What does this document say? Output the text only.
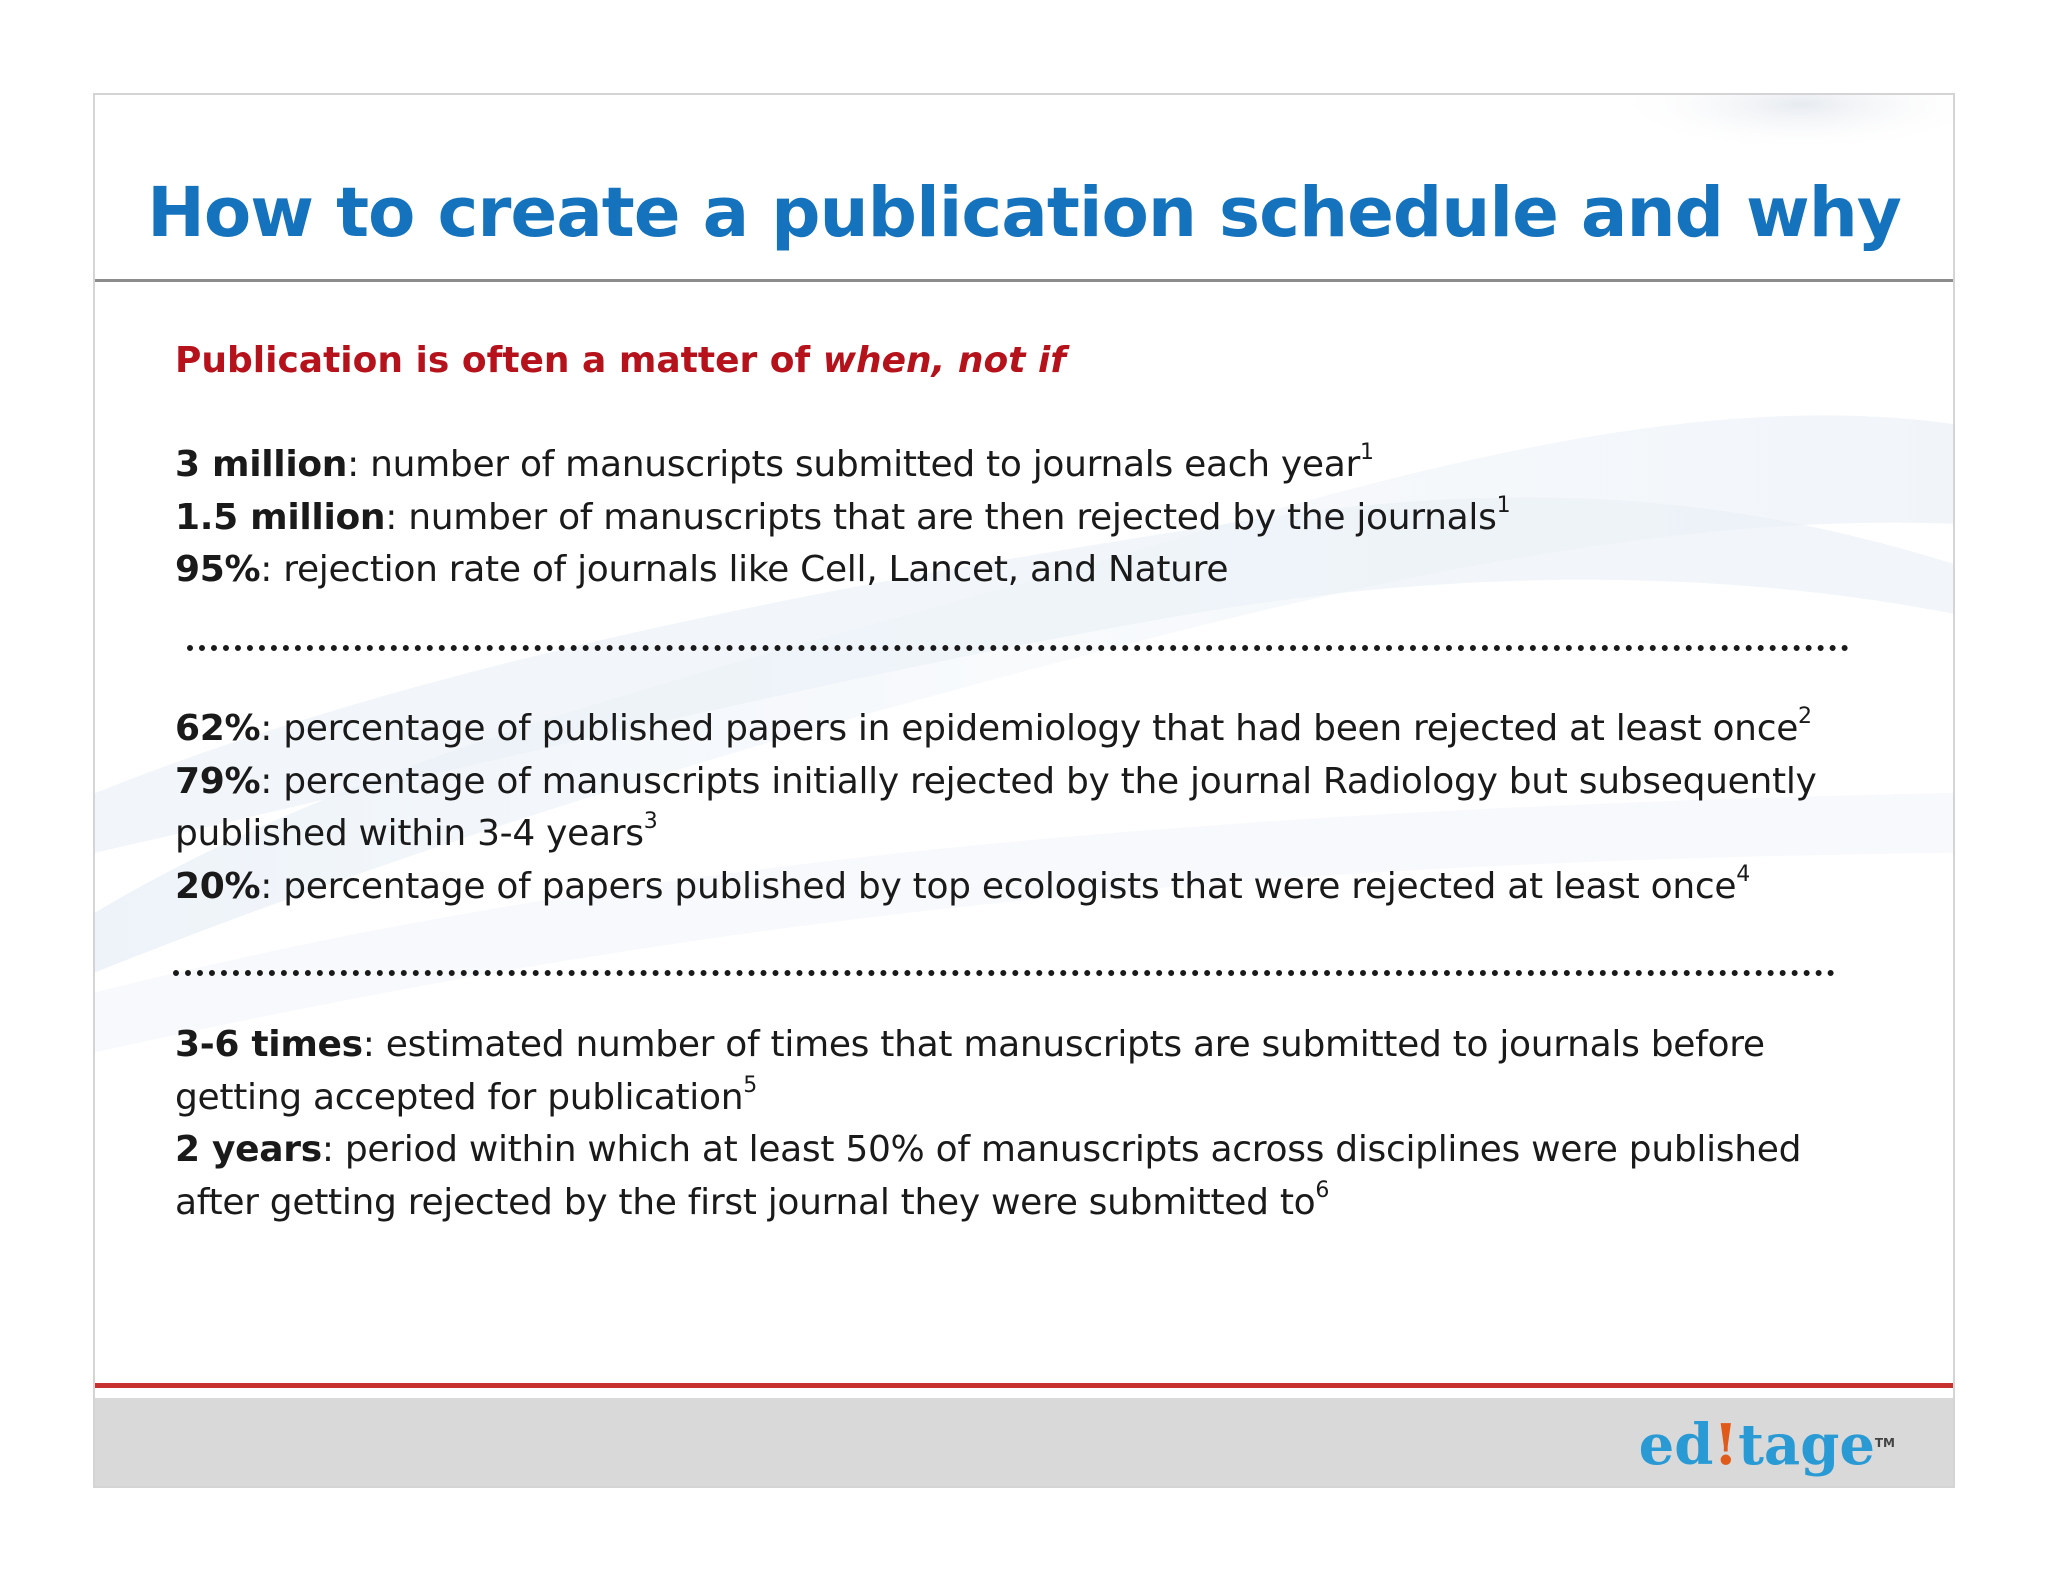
How to create a publication schedule and why

Publication is often a matter of when, not if

3 million: number of manuscripts submitted to journals each year$^1$
1.5 million: number of manuscripts that are then rejected by the journals$^1$
95%: rejection rate of journals like Cell, Lancet, and Nature
62%: percentage of published papers in epidemiology that had been rejected at least once$^2$
79%: percentage of manuscripts initially rejected by the journal Radiology but subsequently published within 3-4 years$^3$
20%: percentage of papers published by top ecologists that were rejected at least once$^4$
3-6 times: estimated number of times that manuscripts are submitted to journals before getting accepted for publication$^5$
2 years: period within which at least 50% of manuscripts across disciplines were published after getting rejected by the first journal they were submitted $to^6$
ed!tage TM
